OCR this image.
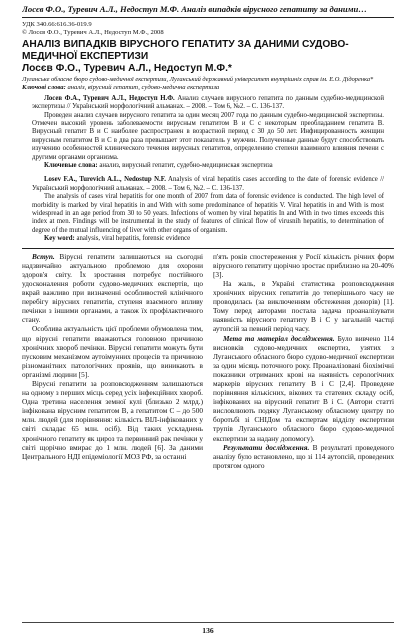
Лосєв Ф.О., Туревич А.Л., Недоступ М.Ф. Аналіз випадків вірусного гепатиту за даними…
УДК 340.66:616.36-019.9
© Лосєв Ф.О., Туревич А.Л., Недоступ М.Ф., 2008
АНАЛІЗ ВИПАДКІВ ВІРУСНОГО ГЕПАТИТУ ЗА ДАНИМИ СУДОВО-МЕДИЧНОЇ ЕКСПЕРТИЗИ
Лосєв Ф.О., Туревич А.Л., Недоступ М.Ф.*
Луганське обласне бюро судово-медичної експертизи, Луганський державний університет внутрішніх справ ім. Е.О. Дідоренка*
Ключові слова: аналіз, вірусний гепатит, судово-медична експертиза

Лосев Ф.А., Туревич А.Л., Недоступ Н.Ф. Анализ случаев вирусного гепатита по данным судебно-медицинской экспертизы // Украïнський морфологiчний альманах. – 2008. – Том 6, №2. – С. 136-137.

Проведен анализ случаев вирусного гепатита за один месяц 2007 года по данным судебно-медицинской экспертизы. Отмечен высокий уровень заболеваемости вирусным гепатитом В и С с некоторым преобладанием гепатита В. Вирусный гепатит В и С наиболее распространен в возрастной период с 30 до 50 лет. Инфицированность женщин вирусным гепатитом В и С в два раза превышает этот показатель у мужчин. Полученные данные будут способствовать изучению особенностей клинического течения вирусных гепатитов, определению степени взаимного влияния печени с другими органами организма.

Ключевые слова: анализ, вирусный гепатит, судебно-медицинская экспертиза

Losev F.A., Turevich A.L., Nedostup N.F. Analysis of viral hepatitis cases according to the date of forensic evidence // Украïнський морфологiчний альманах. – 2008. – Том 6, №2. – С. 136-137.

The analysis of cases viral hepatitis for one month of 2007 from data of forensic evidence is conducted. The high level of morbidity is marked by viral hepatitis in and With with some predominance of hepatitis V. Viral hepatitis in and With is most widespread in an age period from 30 to 50 years. Infections of women by viral hepatitis In and With in two times exceeds this index at men. Findings will be instrumental in the study of features of clinical flow of virusnih hepatitis, to determination of degree of the mutual influencing of liver with other organs of organism.

Key word: analysis, viral hepatitis, forensic evidence

Вступ. Вірусні гепатити залишаються на сьогодні надзвичайно актуальною проблемою для охорони здоров'я світу. Їх зростання потребує постійного удосконалення роботи судово-медичних експертів, що вкрай важливо при визначенні особливостей клінічного перебігу вірусних гепатитів, ступеня взаємного впливу печінки з іншими органами, а також їх профілактичного стану.

Особлива актуальність цієї проблеми обумовлена тим, що вірусні гепатити вважаються головною причиною хронічних хвороб печінки. Вірусні гепатити можуть бути пусковим механізмом аутоімунних процесів та причиною різноманітних патологічних проявів, що виникають в організмі людини [5].

Вірусні гепатити за розповсюдженням залишаються на одному з перших місць серед усіх інфекційних хвороб. Одна третина населення земної кулі (близько 2 млрд.) інфікована вірусним гепатитом В, а гепатитом С – до 500 млн. людей (для порівняння: кількість ВІЛ-інфікованих у світі складає 65 млн. осіб). Від таких ускладнень хронічного гепатиту як цироз та первинний рак печінки у світі щорічно вмирає до 1 млн. людей [6]. За даними Центрального НДІ епідеміології МОЗ РФ, за останні

п'ять років спостереження у Росії кількість річних форм вірусного гепатиту щорічно зростає приблизно на 20-40% [3].

На жаль, в Україні статистика розповсюдження хронічних вірусних гепатитів до теперішнього часу не проводилась (за виключенням обстеження донорів) [1]. Тому перед авторами постала задача проаналізувати наявність вірусного гепатиту В і С у загальній частці аутопсій за певний період часу.

Мета та матеріал дослідження. Було вивчено 114 висновків судово-медичних експертиз, узятих з Луганського обласного бюро судово-медичної експертизи за один місяць поточного року. Проаналізовані біохімічні показники отриманих крові на наявність серологічних маркерів вірусних гепатиту В і С [2,4]. Проведене порівняння кількісних, вікових та статевих складу осіб, інфікованих на вірусний гепатит В і С. (Автори статті висловлюють подяку Луганському обласному центру по боротьбі зі СНІДом та експертам відділу експертизи трупів Луганського обласного бюро судово-медичної експертизи за надану допомогу).

Результати дослідження. В результаті проведеного аналізу було встановлено, що зі 114 аутопсій, проведених протягом одного

136
